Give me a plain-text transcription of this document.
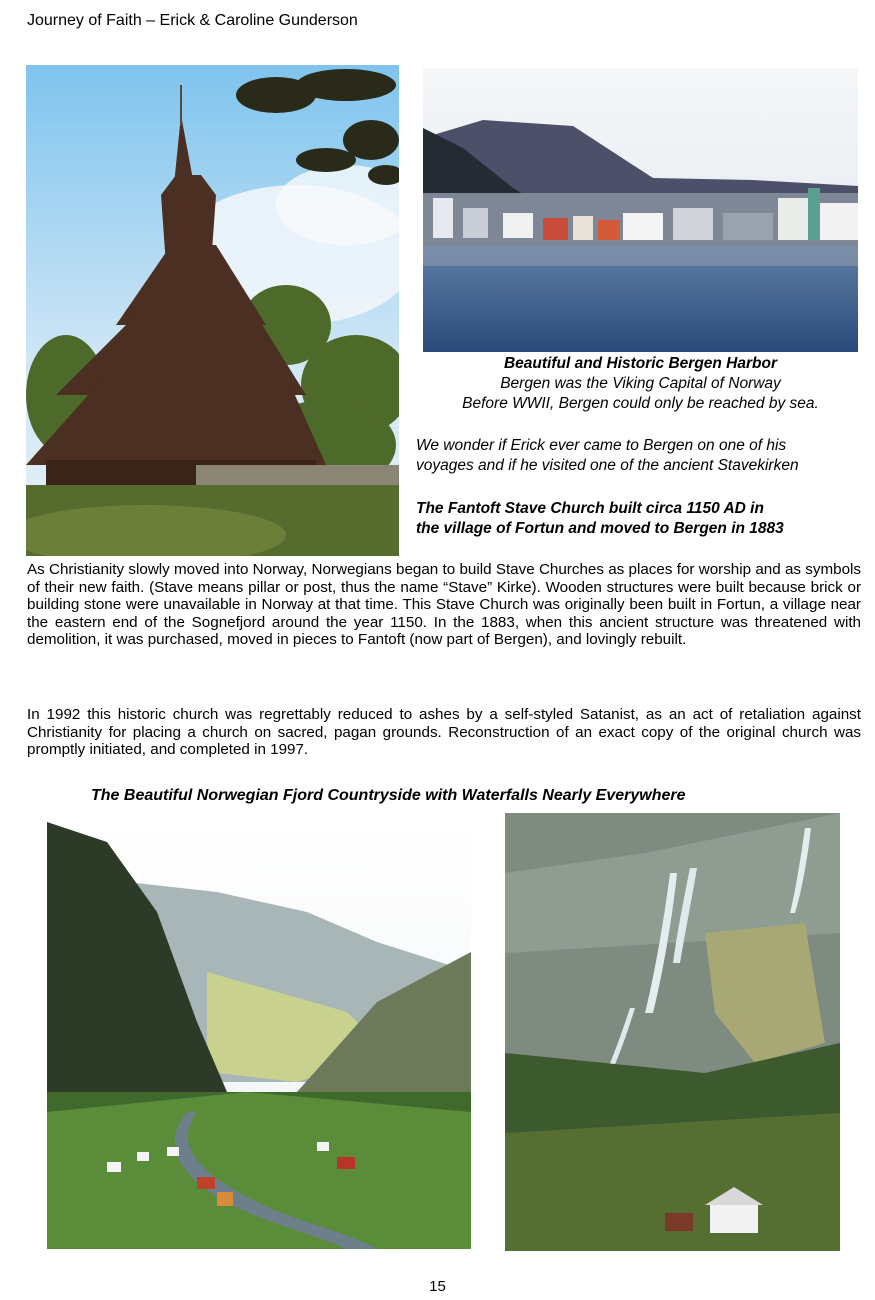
Journey of Faith – Erick & Caroline Gunderson
Beautiful and Historic Bergen Harbor
Bergen was the Viking Capital of Norway
Before WWII, Bergen could only be reached by sea.
We wonder if Erick ever came to Bergen on one of his
voyages and if he visited one of the ancient Stavekirken
The Fantoft Stave Church built circa 1150 AD in
the village of Fortun and moved to Bergen in 1883
As Christianity slowly moved into Norway, Norwegians began to build Stave Churches as places for worship and as symbols of their new faith. (Stave means pillar or post, thus the name “Stave” Kirke). Wooden structures were built because brick or building stone were unavailable in Norway at that time. This Stave Church was originally been built in Fortun, a village near the eastern end of the Sognefjord around the year 1150. In the 1883, when this ancient structure was threatened with demolition, it was purchased, moved in pieces to Fantoft (now part of Bergen), and lovingly rebuilt.
In 1992 this historic church was regrettably reduced to ashes by a self-styled Satanist, as an act of retaliation against Christianity for placing a church on sacred, pagan grounds. Reconstruction of an exact copy of the original church was promptly initiated, and completed in 1997.
The Beautiful Norwegian Fjord Countryside with Waterfalls Nearly Everywhere
15
